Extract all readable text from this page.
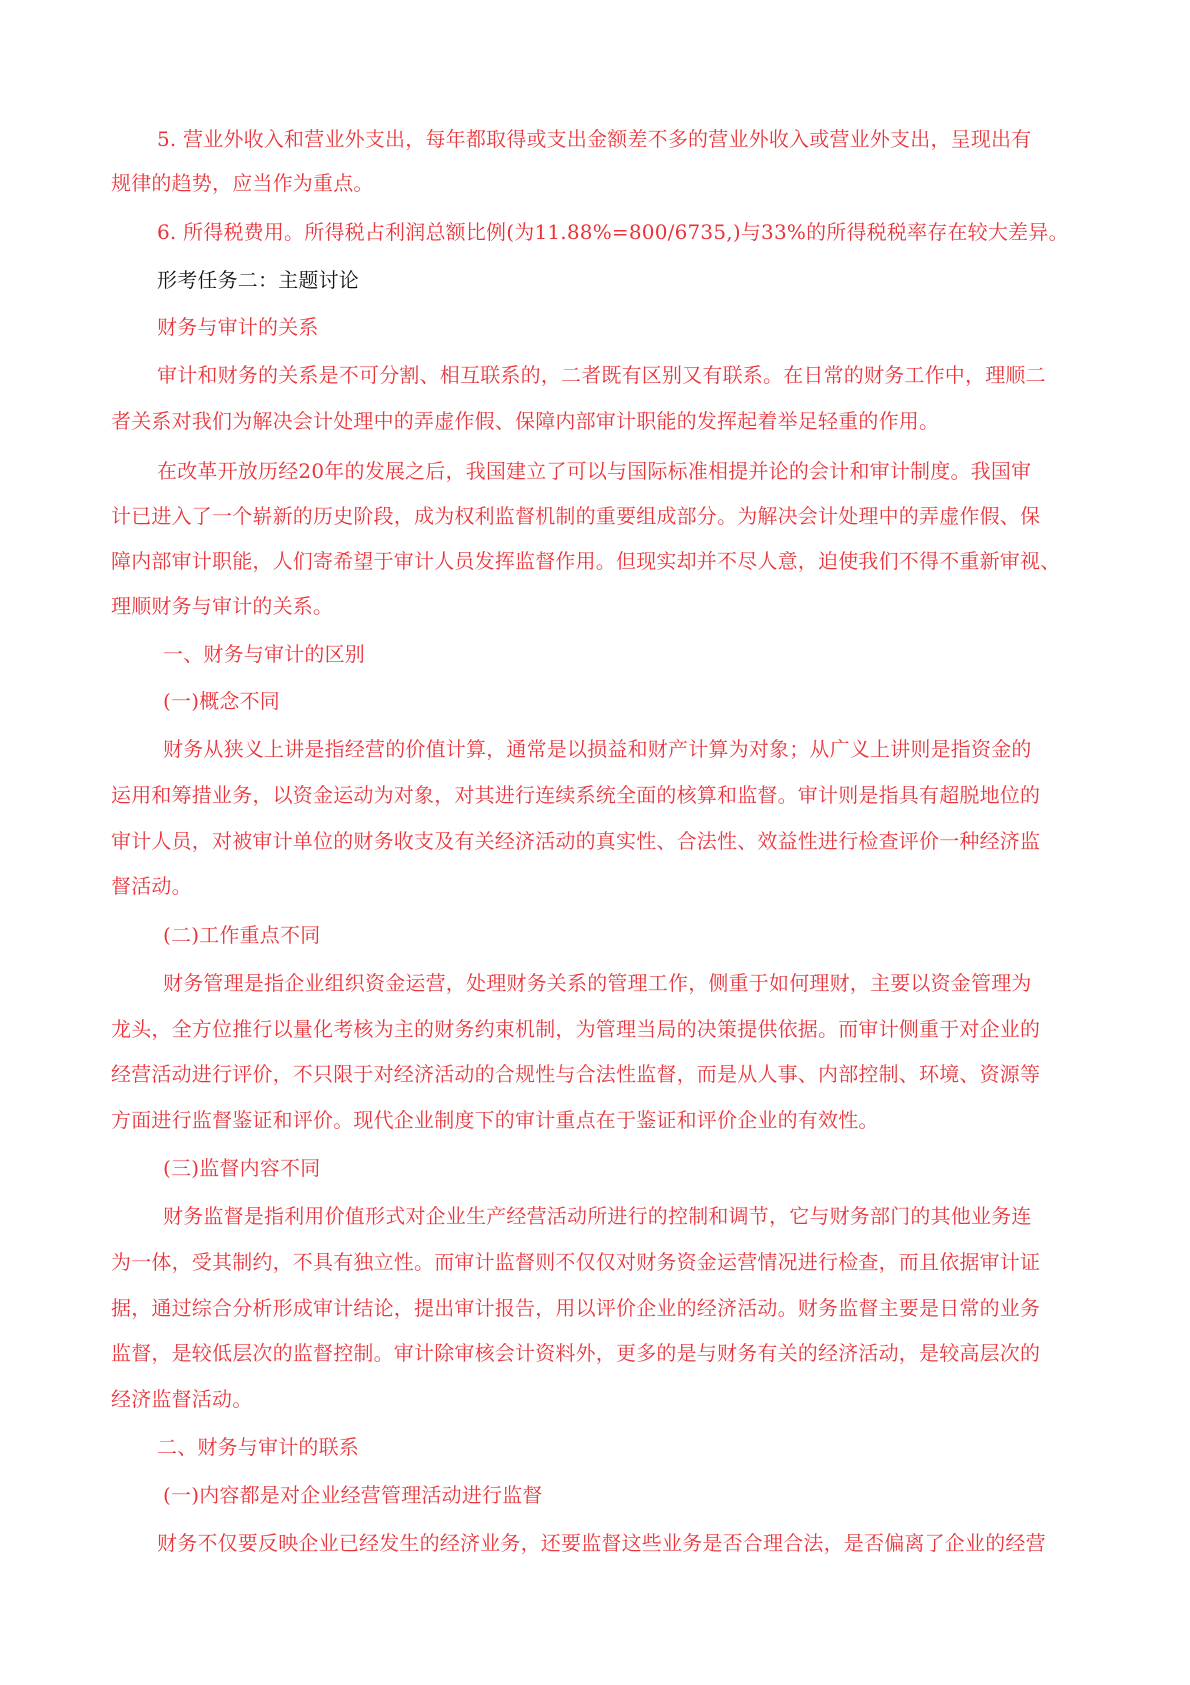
5. 营业外收入和营业外支出，每年都取得或支出金额差不多的营业外收入或营业外支出，呈现出有
规律的趋势，应当作为重点。
6. 所得税费用。所得税占利润总额比例(为11.88%=800/6735,)与33%的所得税税率存在较大差异。
形考任务二：主题讨论
财务与审计的关系
审计和财务的关系是不可分割、相互联系的，二者既有区别又有联系。在日常的财务工作中，理顺二
者关系对我们为解决会计处理中的弄虚作假、保障内部审计职能的发挥起着举足轻重的作用。
在改革开放历经20年的发展之后，我国建立了可以与国际标准相提并论的会计和审计制度。我国审
计已进入了一个崭新的历史阶段，成为权利监督机制的重要组成部分。为解决会计处理中的弄虚作假、保
障内部审计职能，人们寄希望于审计人员发挥监督作用。但现实却并不尽人意，迫使我们不得不重新审视、
理顺财务与审计的关系。
一、财务与审计的区别
(一)概念不同
财务从狭义上讲是指经营的价值计算，通常是以损益和财产计算为对象；从广义上讲则是指资金的
运用和筹措业务，以资金运动为对象，对其进行连续系统全面的核算和监督。审计则是指具有超脱地位的
审计人员，对被审计单位的财务收支及有关经济活动的真实性、合法性、效益性进行检查评价一种经济监
督活动。
(二)工作重点不同
财务管理是指企业组织资金运营，处理财务关系的管理工作，侧重于如何理财，主要以资金管理为
龙头，全方位推行以量化考核为主的财务约束机制，为管理当局的决策提供依据。而审计侧重于对企业的
经营活动进行评价，不只限于对经济活动的合规性与合法性监督，而是从人事、内部控制、环境、资源等
方面进行监督鉴证和评价。现代企业制度下的审计重点在于鉴证和评价企业的有效性。
(三)监督内容不同
财务监督是指利用价值形式对企业生产经营活动所进行的控制和调节，它与财务部门的其他业务连
为一体，受其制约，不具有独立性。而审计监督则不仅仅对财务资金运营情况进行检查，而且依据审计证
据，通过综合分析形成审计结论，提出审计报告，用以评价企业的经济活动。财务监督主要是日常的业务
监督，是较低层次的监督控制。审计除审核会计资料外，更多的是与财务有关的经济活动，是较高层次的
经济监督活动。
二、财务与审计的联系
(一)内容都是对企业经营管理活动进行监督
财务不仅要反映企业已经发生的经济业务，还要监督这些业务是否合理合法，是否偏离了企业的经营
